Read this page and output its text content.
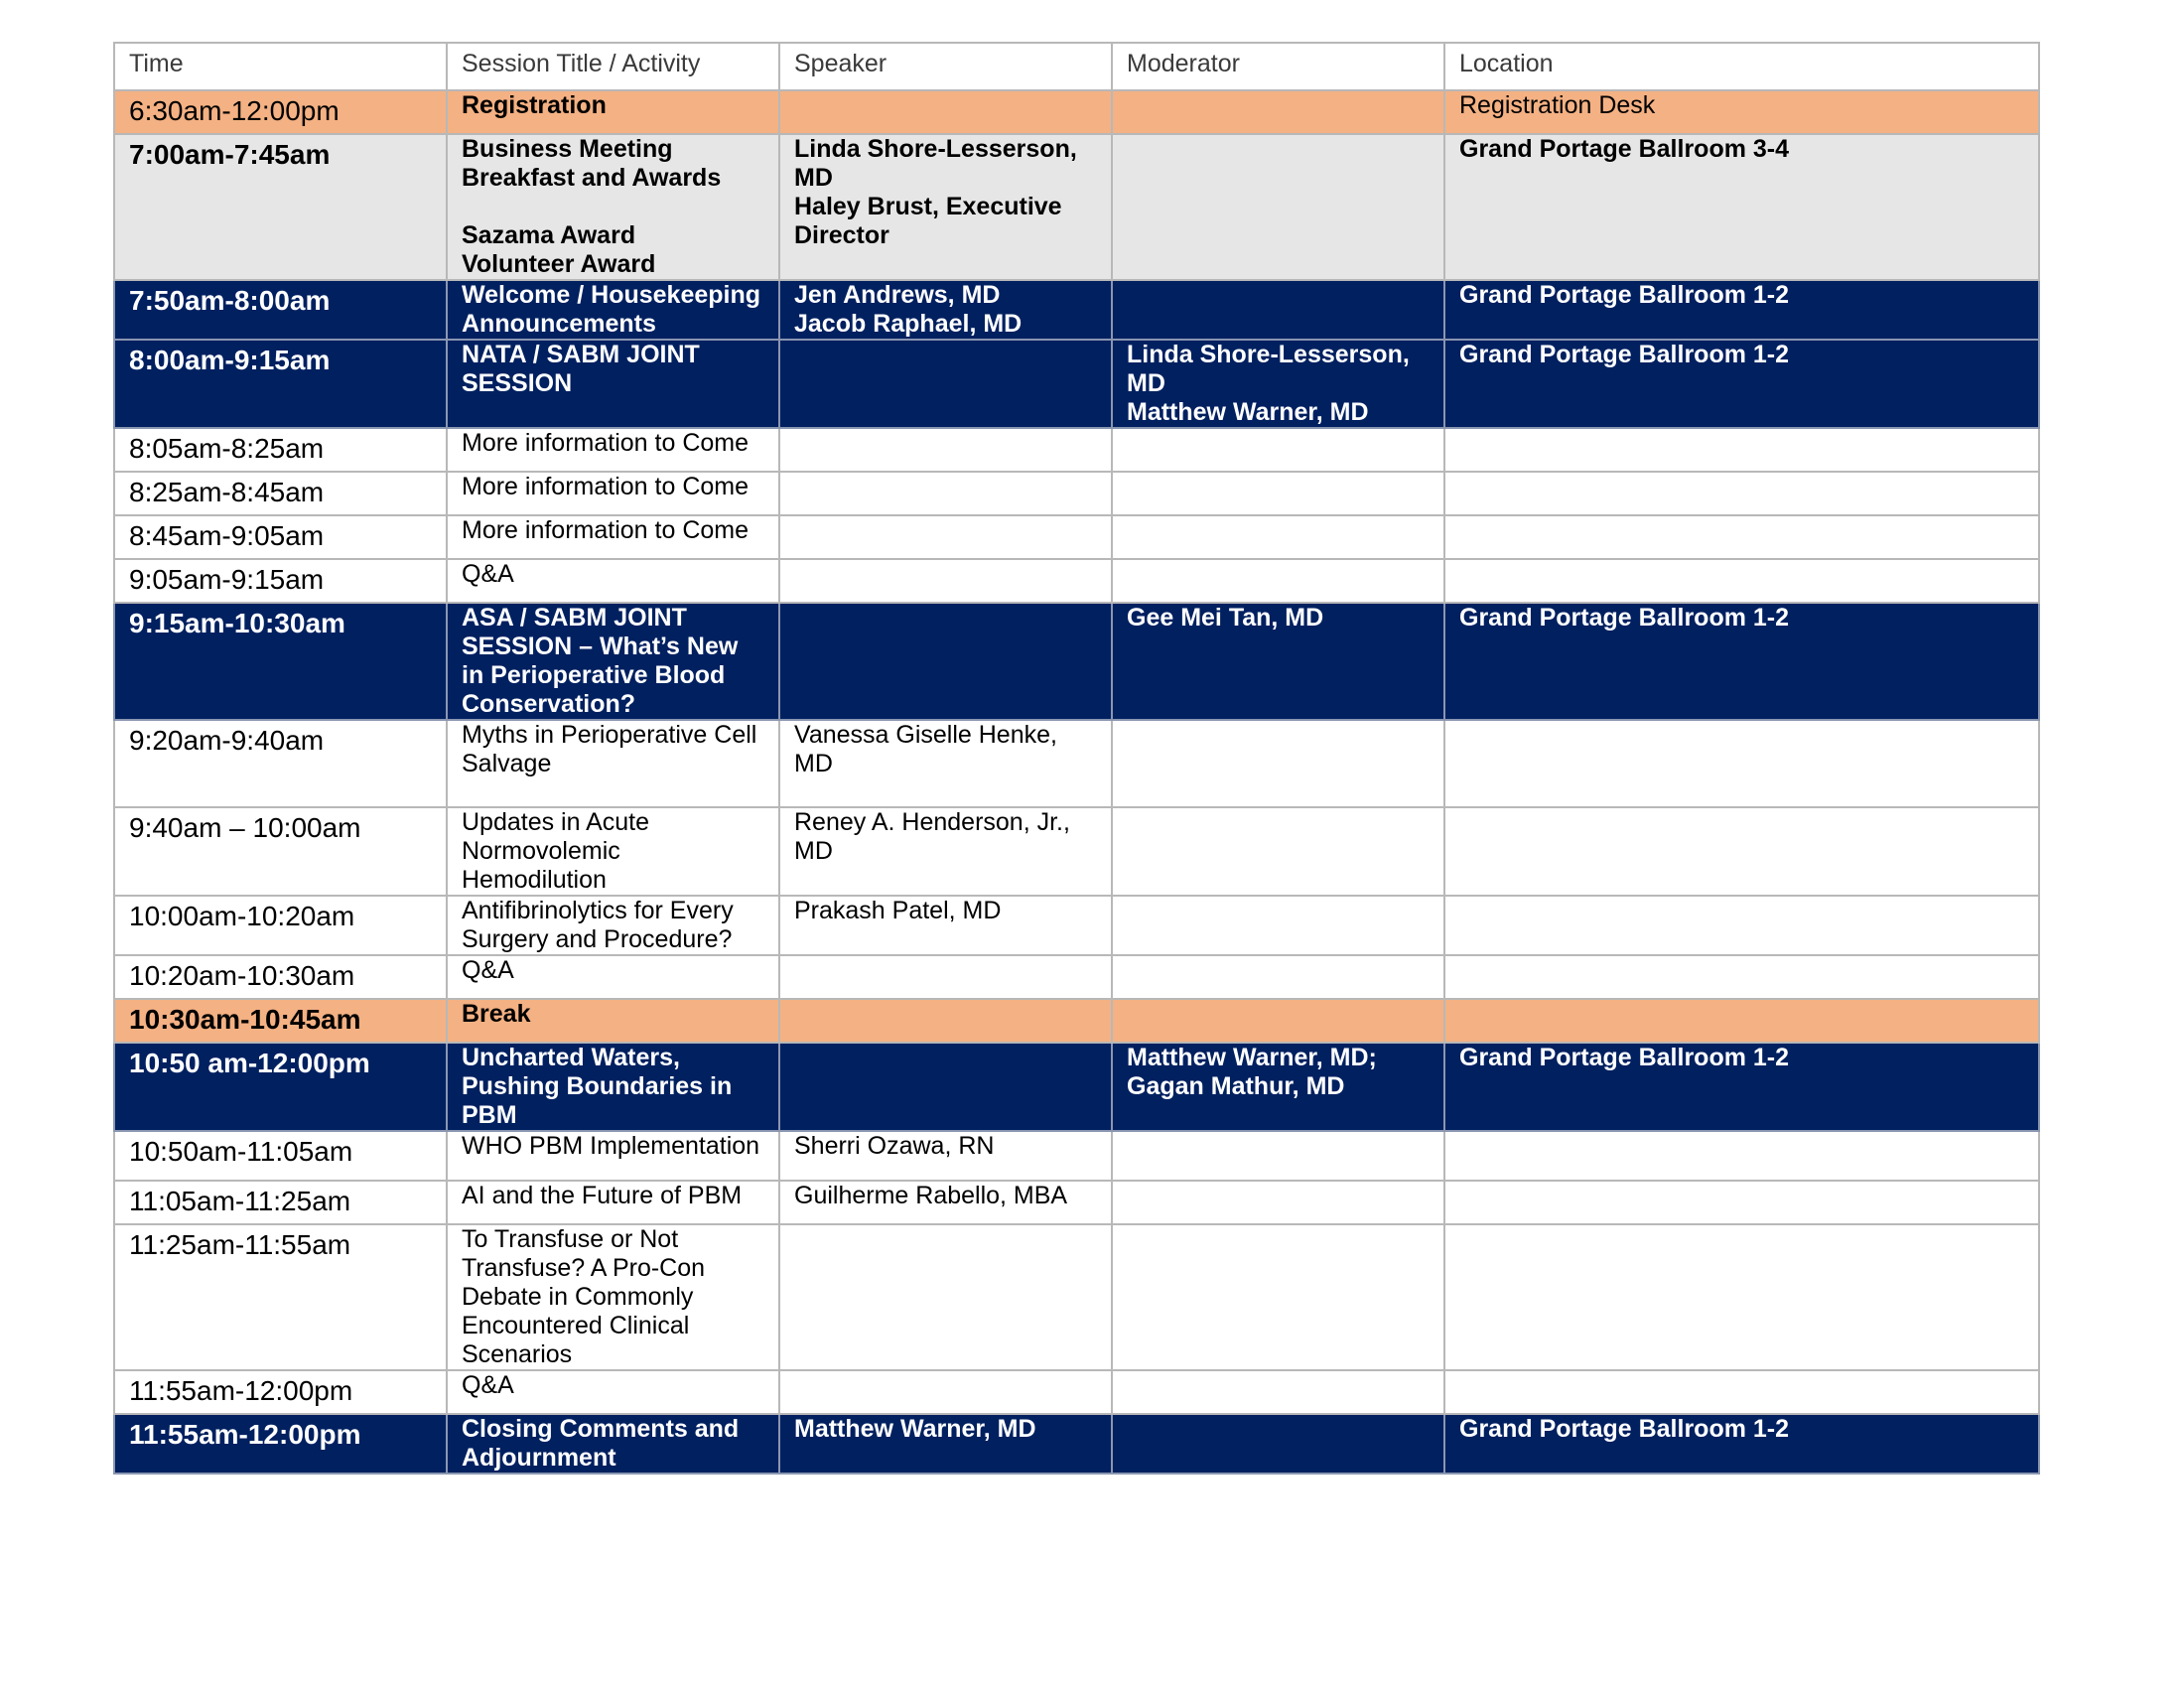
Time	Session Title / Activity	Speaker	Moderator	Location

6:30am-12:00pm	Registration			Registration Desk

7:00am-7:45am	Business Meeting
Breakfast and Awards

Sazama Award
Volunteer Award	Linda Shore-Lesserson,
MD
Haley Brust, Executive
Director		Grand Portage Ballroom 3-4

7:50am-8:00am	Welcome / Housekeeping
Announcements	Jen Andrews, MD
Jacob Raphael, MD		Grand Portage Ballroom 1-2

8:00am-9:15am	NATA / SABM JOINT
SESSION		Linda Shore-Lesserson,
MD
Matthew Warner, MD	Grand Portage Ballroom 1-2

8:05am-8:25am	More information to Come			

8:25am-8:45am	More information to Come			

8:45am-9:05am	More information to Come			

9:05am-9:15am	Q&A			

9:15am-10:30am	ASA / SABM JOINT
SESSION – What’s New
in Perioperative Blood
Conservation?		Gee Mei Tan, MD	Grand Portage Ballroom 1-2

9:20am-9:40am	Myths in Perioperative Cell
Salvage	Vanessa Giselle Henke,
MD		

9:40am – 10:00am	Updates in Acute
Normovolemic
Hemodilution	Reney A. Henderson, Jr.,
MD		

10:00am-10:20am	Antifibrinolytics for Every
Surgery and Procedure?	Prakash Patel, MD		

10:20am-10:30am	Q&A			

10:30am-10:45am	Break			

10:50 am-12:00pm	Uncharted Waters,
Pushing Boundaries in
PBM		Matthew Warner, MD;
Gagan Mathur, MD	Grand Portage Ballroom 1-2

10:50am-11:05am	WHO PBM Implementation	Sherri Ozawa, RN		

11:05am-11:25am	AI and the Future of PBM	Guilherme Rabello, MBA		

11:25am-11:55am	To Transfuse or Not
Transfuse? A Pro-Con
Debate in Commonly
Encountered Clinical
Scenarios			

11:55am-12:00pm	Q&A			

11:55am-12:00pm	Closing Comments and
Adjournment	Matthew Warner, MD		Grand Portage Ballroom 1-2
